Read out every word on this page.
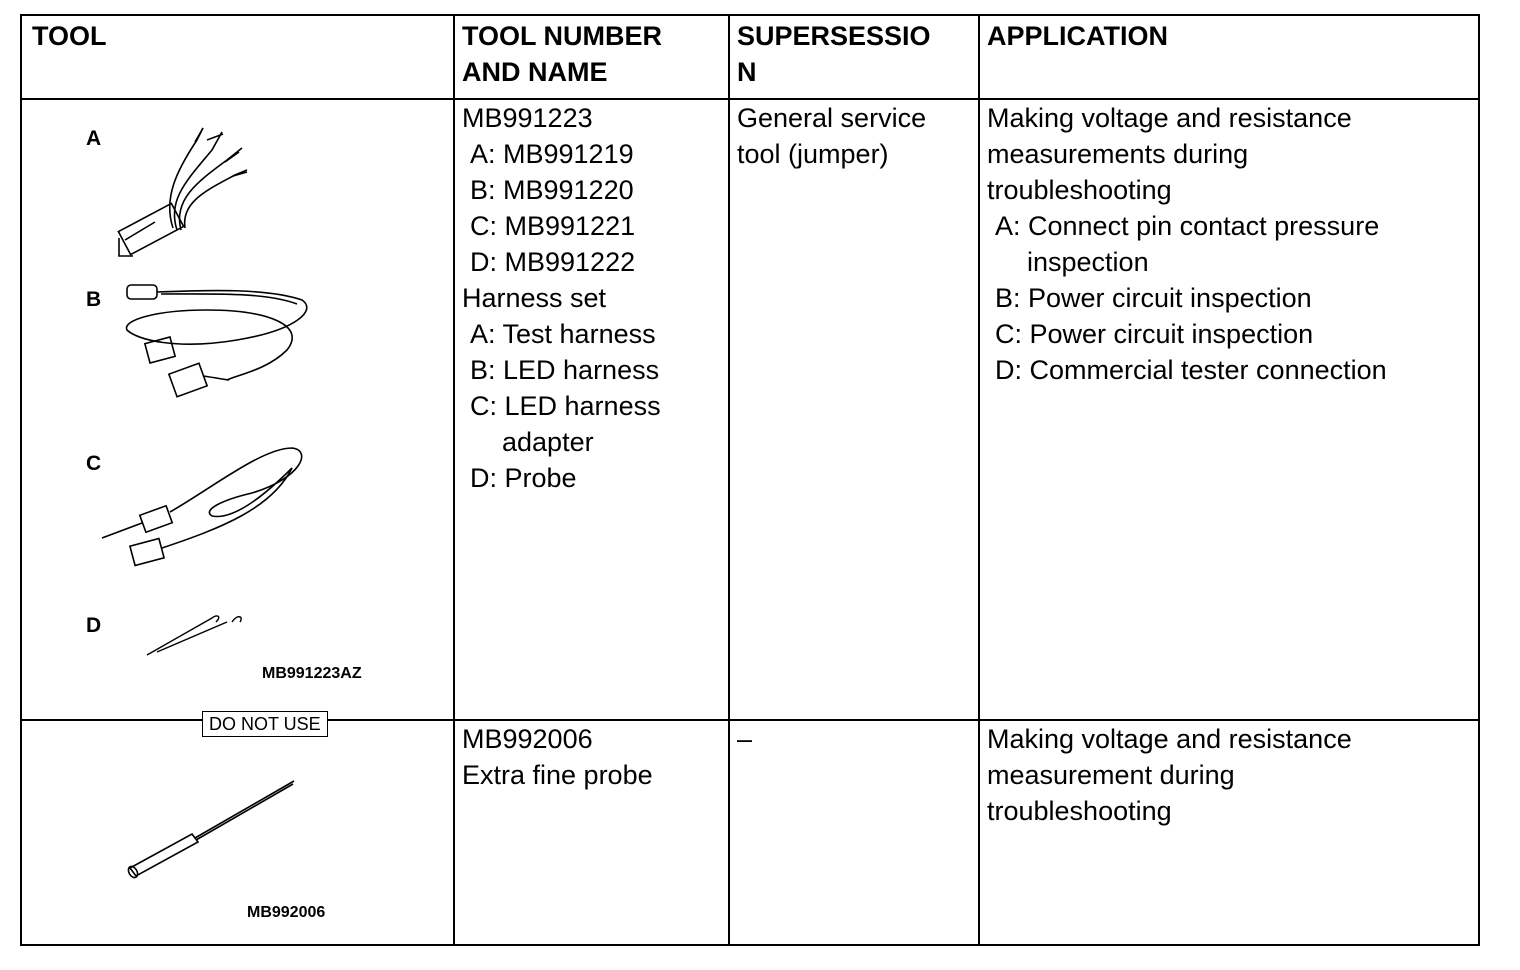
TOOL	TOOL NUMBER
AND NAME
SUPERSESSIO
N
APPLICATION
A
B
C
D
DO NOT USE
MB991223AZ
MB991223
A: MB991219
B: MB991220
C: MB991221
D: MB991222
Harness set
A: Test harness
B: LED harness
C: LED harness
adapter
D: Probe
General service
tool (jumper)
Making voltage and resistance
measurements during
troubleshooting
A: Connect pin contact pressure
inspection
B: Power circuit inspection
C: Power circuit inspection
D: Commercial tester connection
MB992006
MB992006
Extra fine probe
–	Making voltage and resistance
measurement during
troubleshooting
